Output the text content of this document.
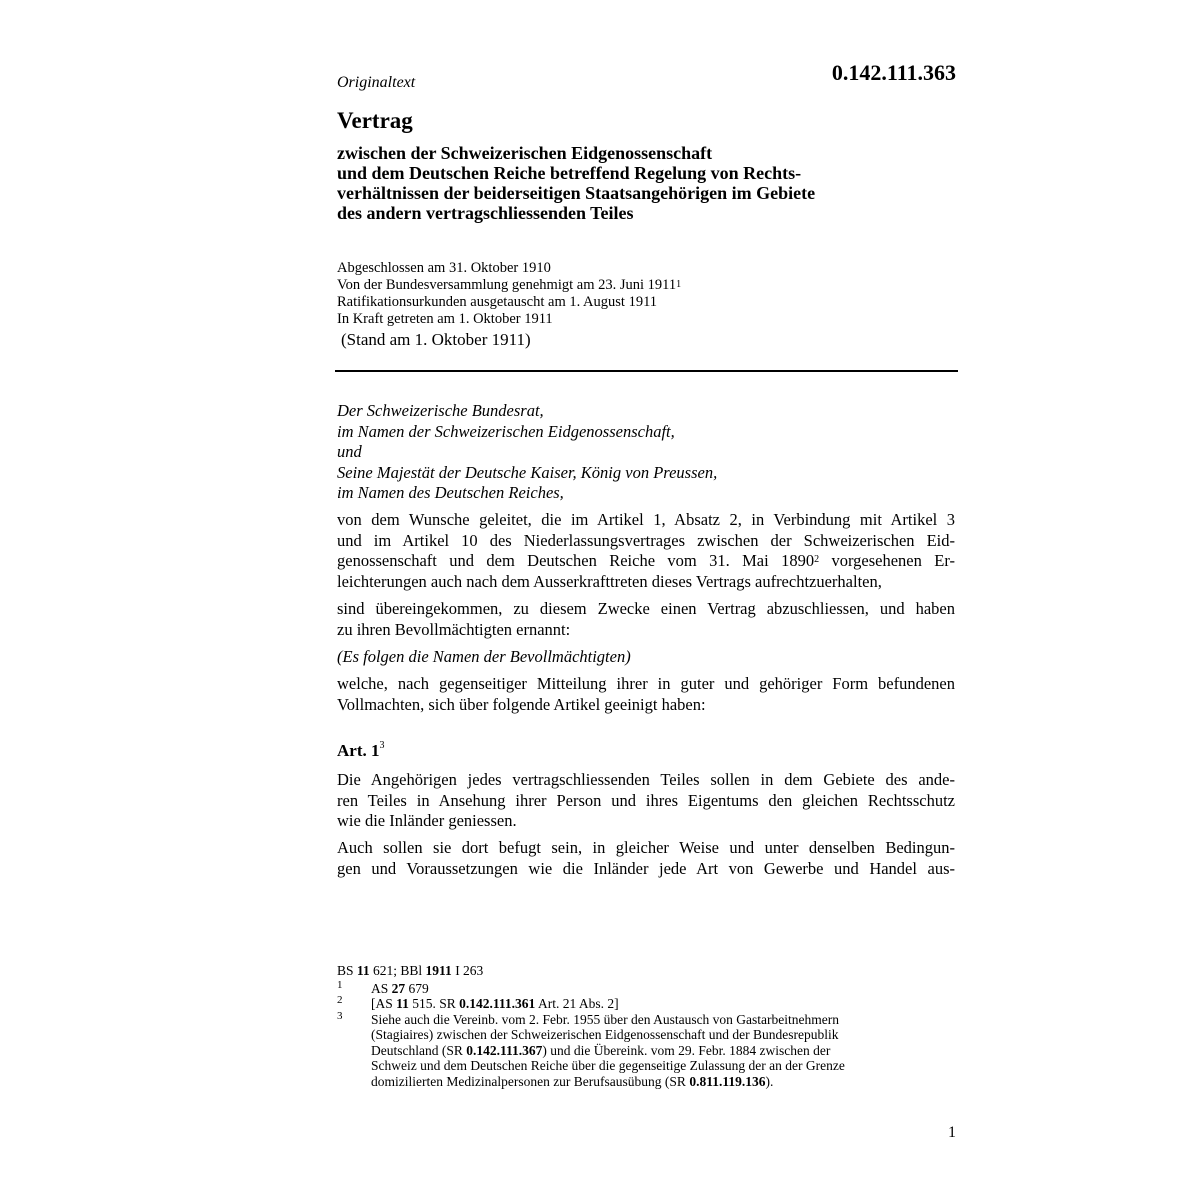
0.142.111.363
Originaltext
Vertrag
zwischen der Schweizerischen Eidgenossenschaft
und dem Deutschen Reiche betreffend Regelung von Rechts-
verhältnissen der beiderseitigen Staatsangehörigen im Gebiete
des andern vertragschliessenden Teiles
Abgeschlossen am 31. Oktober 1910
Von der Bundesversammlung genehmigt am 23. Juni 1911$^1$
Ratifikationsurkunden ausgetauscht am 1. August 1911
In Kraft getreten am 1. Oktober 1911
(Stand am 1. Oktober 1911)
Der Schweizerische Bundesrat,
im Namen der Schweizerischen Eidgenossenschaft,
und
Seine Majestät der Deutsche Kaiser, König von Preussen,
im Namen des Deutschen Reiches,
von dem Wunsche geleitet, die im Artikel 1, Absatz 2, in Verbindung mit Artikel 3
und im Artikel 10 des Niederlassungsvertrages zwischen der Schweizerischen Eid-
genossenschaft und dem Deutschen Reiche vom 31. Mai 1890$^2$ vorgesehenen Er-
leichterungen auch nach dem Ausserkrafttreten dieses Vertrags aufrechtzuerhalten,
sind übereingekommen, zu diesem Zwecke einen Vertrag abzuschliessen, und haben
zu ihren Bevollmächtigten ernannt:
(Es folgen die Namen der Bevollmächtigten)
welche, nach gegenseitiger Mitteilung ihrer in guter und gehöriger Form befundenen
Vollmachten, sich über folgende Artikel geeinigt haben:
Art. $1^3$
Die Angehörigen jedes vertragschliessenden Teiles sollen in dem Gebiete des ande-
ren Teiles in Ansehung ihrer Person und ihres Eigentums den gleichen Rechtsschutz
wie die Inländer geniessen.
Auch sollen sie dort befugt sein, in gleicher Weise und unter denselben Bedingun-
gen und Voraussetzungen wie die Inländer jede Art von Gewerbe und Handel aus-
BS 11 621; BBl 1911 I 263
1 AS 27 679
2 [AS 11 515. SR 0.142.111.361 Art. 21 Abs. 2]
3 Siehe auch die Vereinb. vom 2. Febr. 1955 über den Austausch von Gastarbeitnehmern
(Stagiaires) zwischen der Schweizerischen Eidgenossenschaft und der Bundesrepublik
Deutschland (SR 0.142.111.367) und die Übereink. vom 29. Febr. 1884 zwischen der
Schweiz und dem Deutschen Reiche über die gegenseitige Zulassung der an der Grenze
domizilierten Medizinalpersonen zur Berufsausübung (SR 0.811.119.136).
1
